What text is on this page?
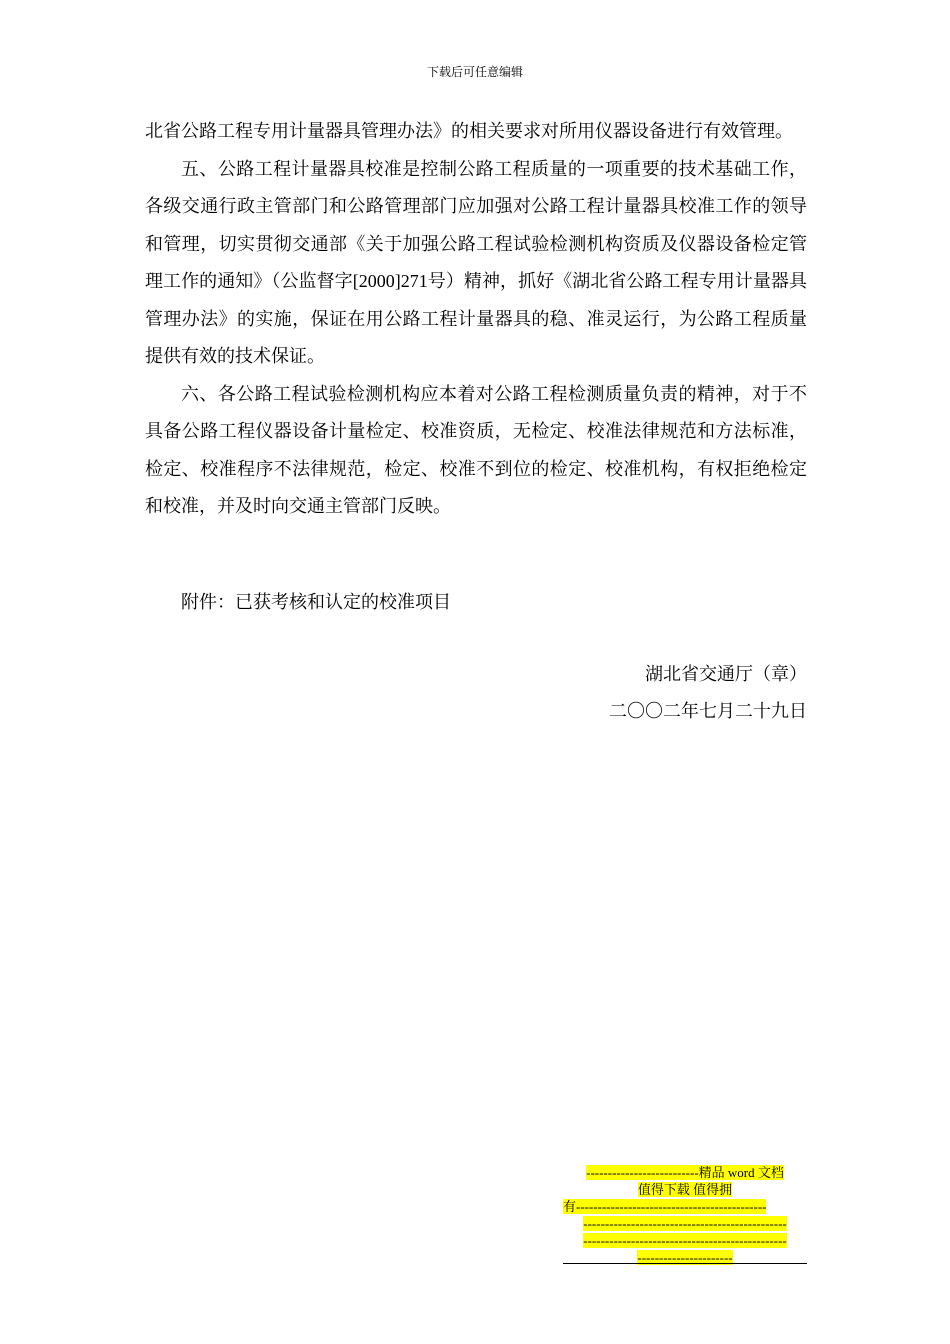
下载后可任意编辑

北省公路工程专用计量器具管理办法》的相关要求对所用仪器设备进行有效管理。

五、公路工程计量器具校准是控制公路工程质量的一项重要的技术基础工作，各级交通行政主管部门和公路管理部门应加强对公路工程计量器具校准工作的领导和管理，切实贯彻交通部《关于加强公路工程试验检测机构资质及仪器设备检定管理工作的通知》（公监督字[2000]271号）精神，抓好《湖北省公路工程专用计量器具管理办法》的实施，保证在用公路工程计量器具的稳、准灵运行，为公路工程质量提供有效的技术保证。

六、各公路工程试验检测机构应本着对公路工程检测质量负责的精神，对于不具备公路工程仪器设备计量检定、校准资质，无检定、校准法律规范和方法标准，检定、校准程序不法律规范，检定、校准不到位的检定、校准机构，有权拒绝检定和校准，并及时向交通主管部门反映。

附件：已获考核和认定的校准项目
湖北省交通厅（章）
二〇〇二年七月二十九日

--------------------------精品 word 文档

值得下载 值得拥

有--------------------------------------------

-----------------------------------------------

-----------------------------------------------

----------------------
